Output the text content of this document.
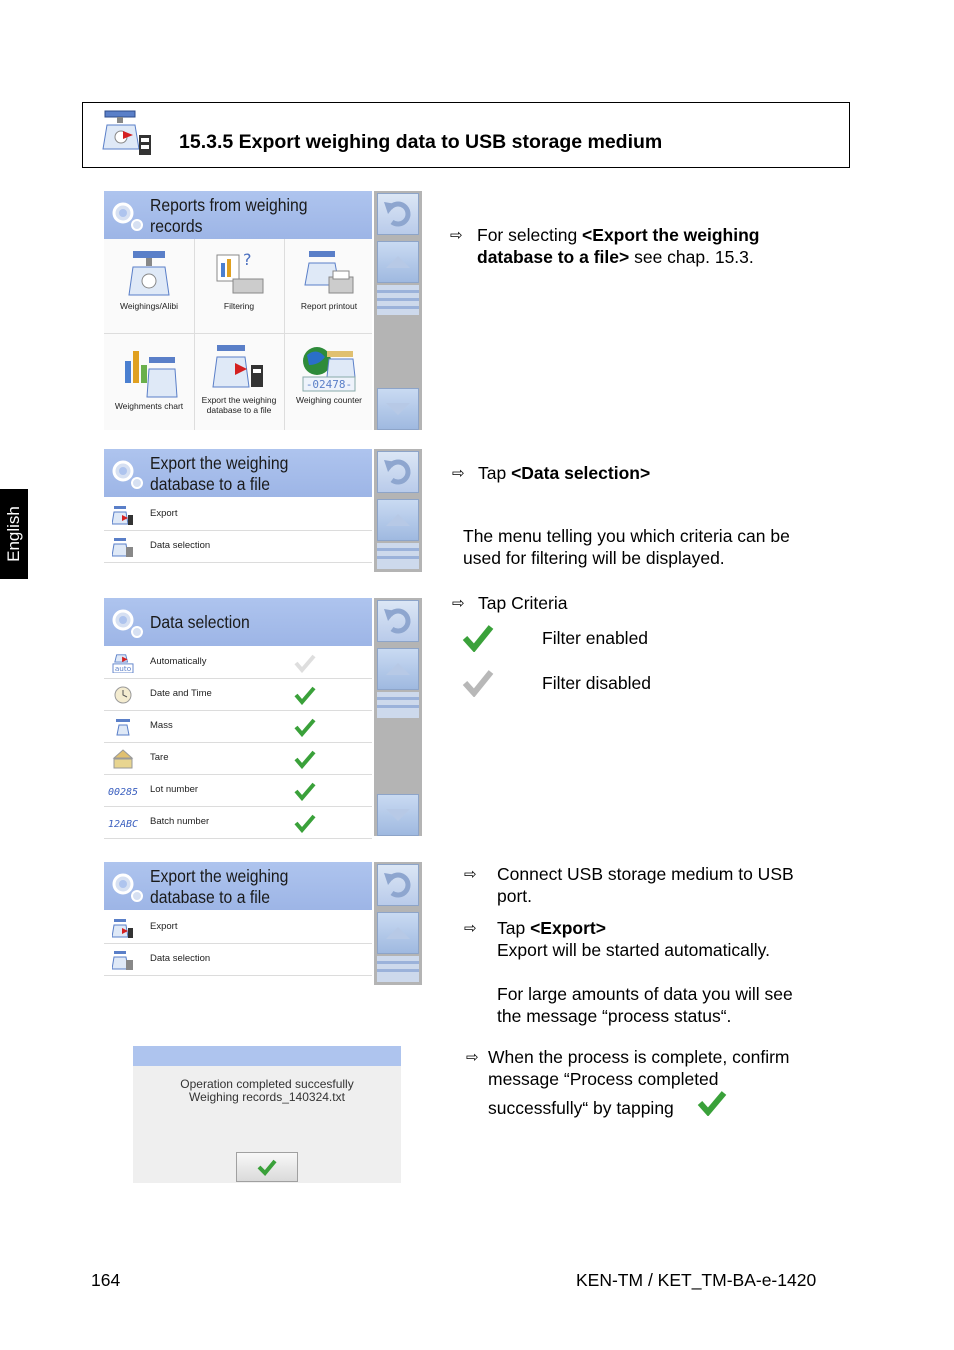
English
15.3.5 Export weighing data to USB storage medium
Reports from weighing
records
Weighings/Alibi
?
Filtering	Report printout
Weighments chart
Export the weighing
database to a file
-02478-
Weighing counter
Export the weighing
database to a file
Export
Data selection
Data selection
auto
Automatically
Date and Time
Mass
Tare
00285 Lot number
12ABC Batch number
Export the weighing
database to a file
Export
Data selection
Operation completed succesfully
Weighing records_140324.txt
⇨ For selecting <Export the weighing
database to a file> see chap. 15.3.
⇨ Tap <Data selection>
The menu telling you which criteria can be
used for filtering will be displayed.
⇨ Tap Criteria
Filter enabled
Filter disabled
⇨ Connect USB storage medium to USB
port.
⇨ Tap <Export>
Export will be started automatically.
For large amounts of data you will see
the message “process status“.
⇨ When the process is complete, confirm
message “Process completed
successfully“ by tapping
164	KEN-TM / KET_TM-BA-e-1420
